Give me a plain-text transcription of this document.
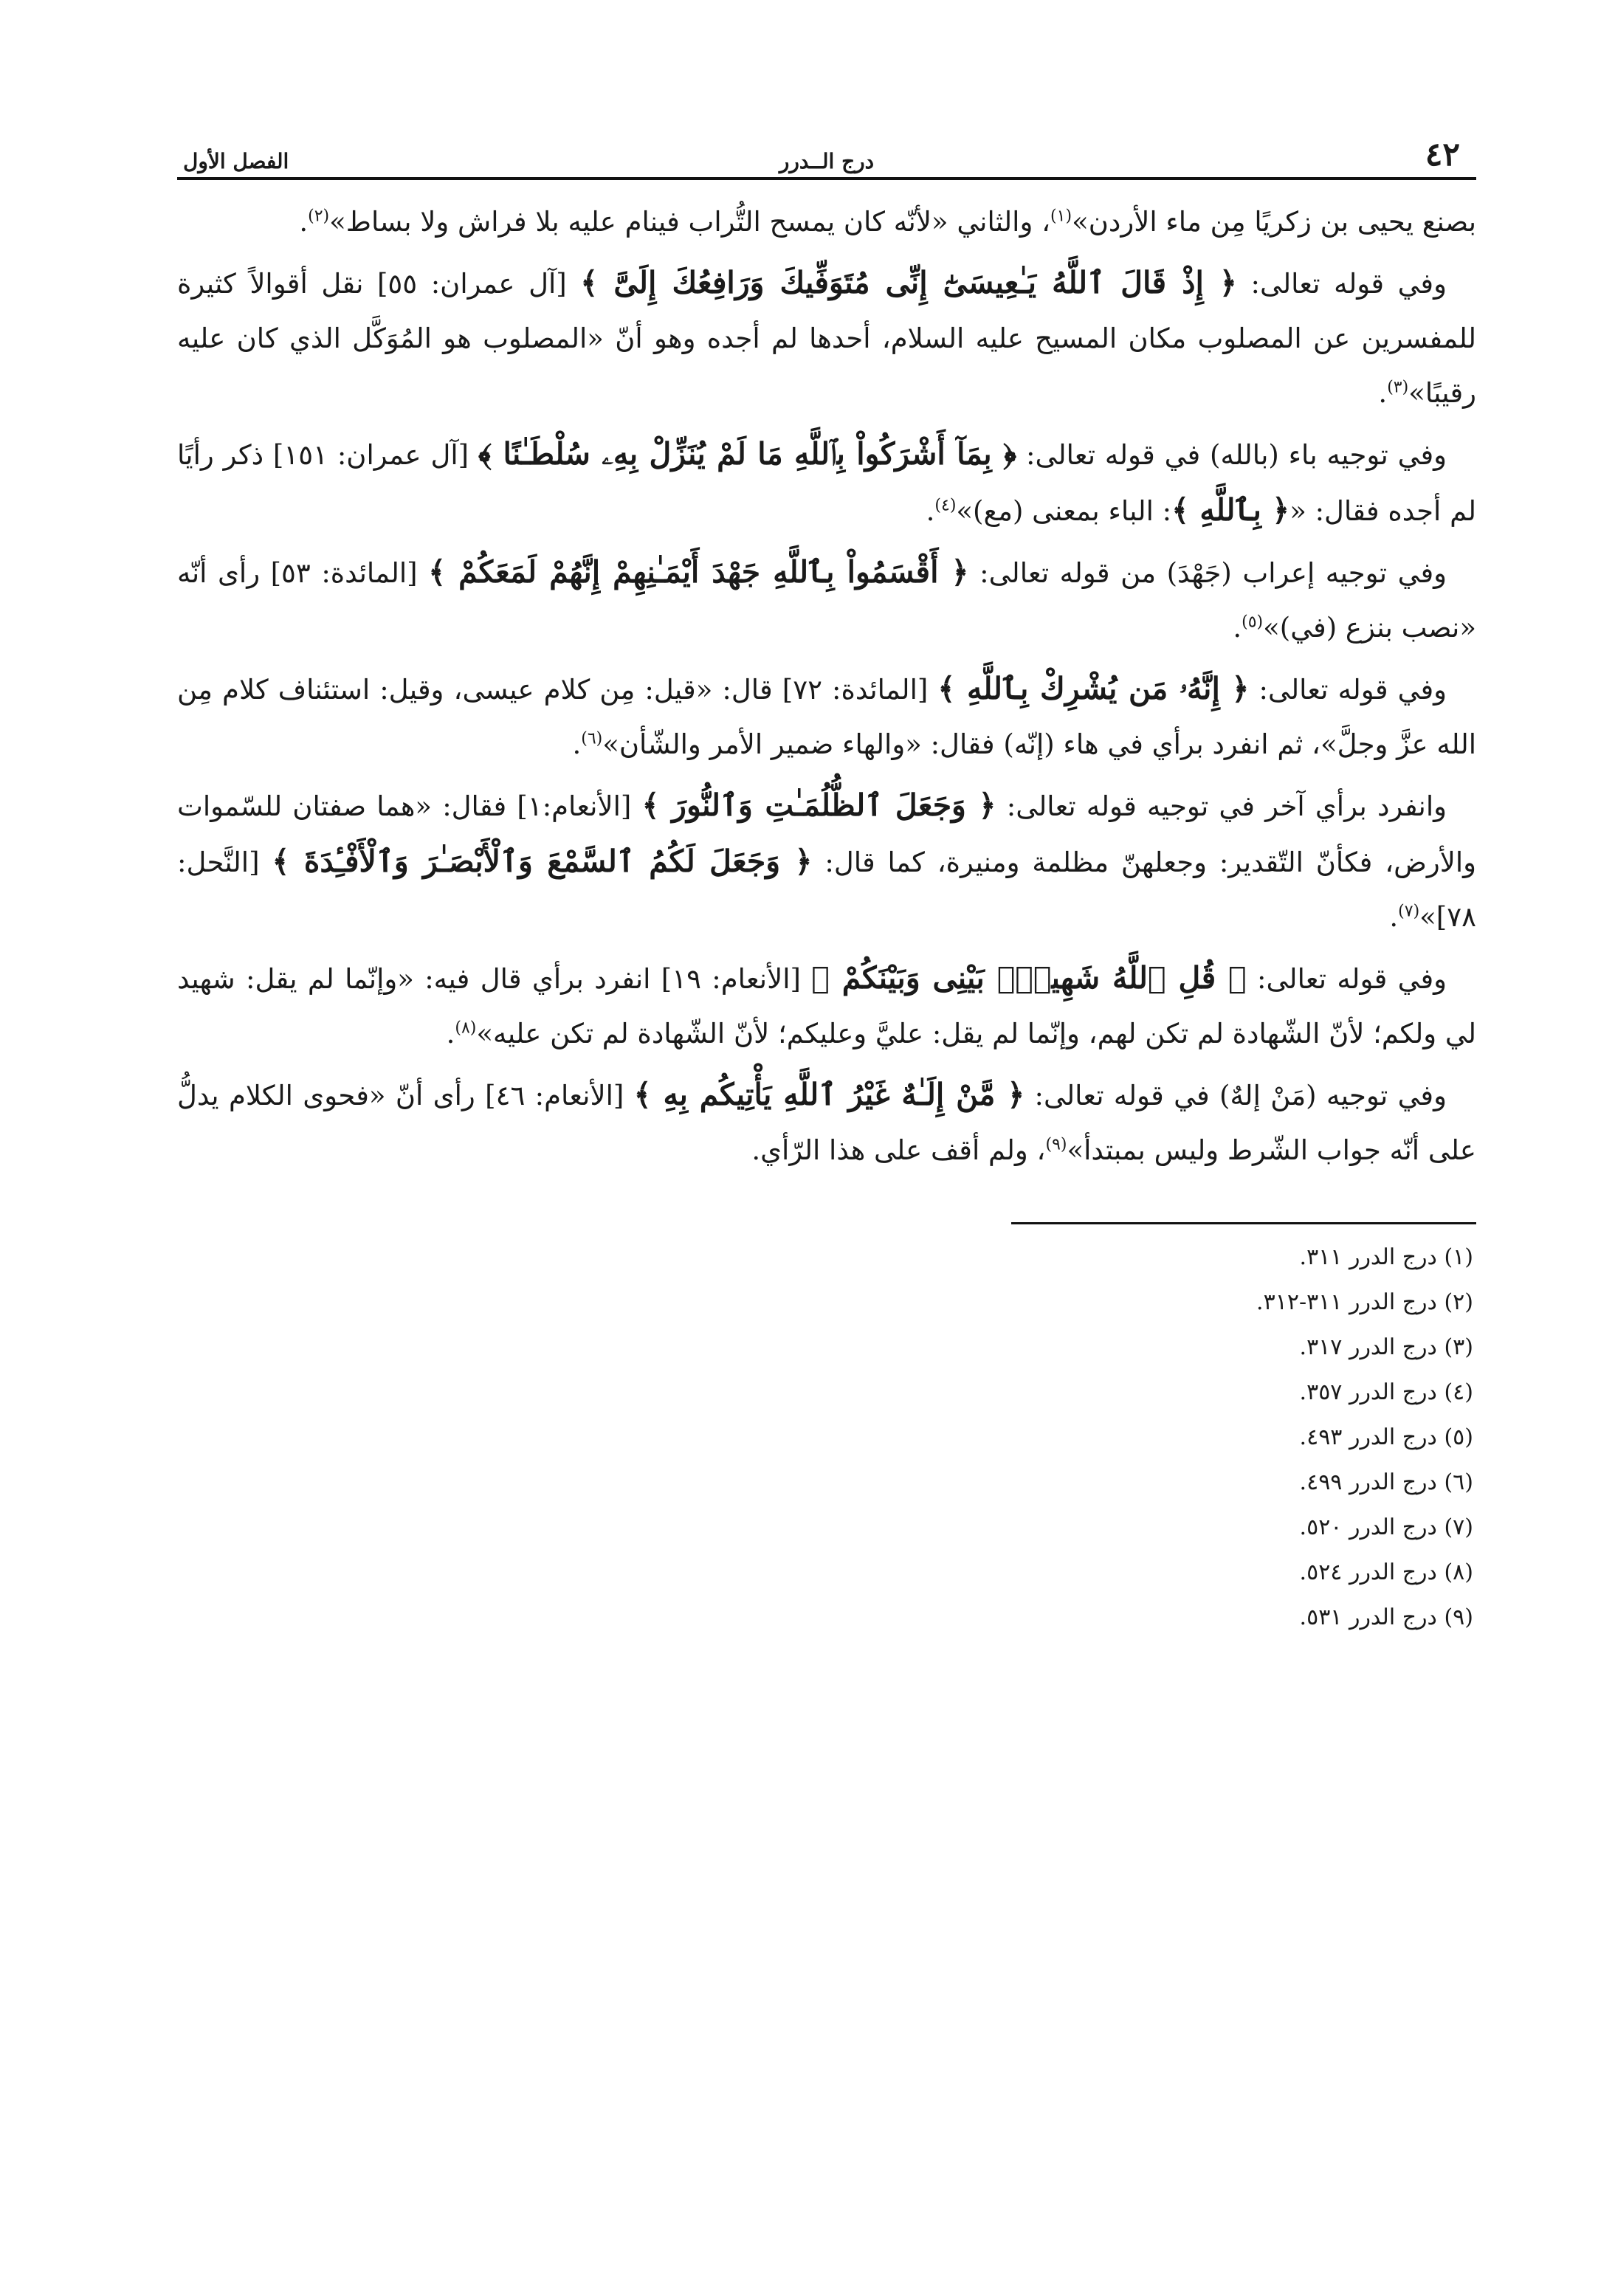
٤٢
درج الــدرر
الفصل الأول

بصنع يحيى بن زكريًا مِن ماء الأردن»$^{(١)}$، والثاني «لأنّه كان يمسح التُّراب فينام عليه بلا فراش ولا بساط»$^{(٢)}$.

وفي قوله تعالى: ﴿ إِذْ قَالَ ٱللَّهُ يَـٰعِيسَىٰٓ إِنِّى مُتَوَفِّيكَ وَرَافِعُكَ إِلَىَّ ﴾ [آل عمران: ٥٥] نقل أقوالاً كثيرة للمفسرين عن المصلوب مكان المسيح عليه السلام، أحدها لم أجده وهو أنّ «المصلوب هو المُوَكَّل الذي كان عليه رقيبًا»$^{(٣)}$.

وفي توجيه باء (بالله) في قوله تعالى: ﴿ بِمَآ أَشْرَكُواْ بِٱللَّهِ مَا لَمْ يُنَزِّلْ بِهِۦ سُلْطَـٰنًا ﴾ [آل عمران: ١٥١] ذكر رأيًا لم أجده فقال: «﴿ بِٱللَّهِ ﴾: الباء بمعنى (مع)»$^{(٤)}$.

وفي توجيه إعراب (جَهْدَ) من قوله تعالى: ﴿ أَقْسَمُواْ بِٱللَّهِ جَهْدَ أَيْمَـٰنِهِمْ إِنَّهُمْ لَمَعَكُمْ ﴾ [المائدة: ٥٣] رأى أنّه «نصب بنزع (في)»$^{(٥)}$.

وفي قوله تعالى: ﴿ إِنَّهُۥ مَن يُشْرِكْ بِٱللَّهِ ﴾ [المائدة: ٧٢] قال: «قيل: مِن كلام عيسى، وقيل: استئناف كلام مِن الله عزَّ وجلَّ»، ثم انفرد برأي في هاء (إنّه) فقال: «والهاء ضمير الأمر والشّأن»$^{(٦)}$.

وانفرد برأي آخر في توجيه قوله تعالى: ﴿ وَجَعَلَ ٱلظُّلُمَـٰتِ وَٱلنُّورَ ﴾ [الأنعام:١] فقال: «هما صفتان للسّموات والأرض، فكأنّ التّقدير: وجعلهنّ مظلمة ومنيرة، كما قال: ﴿ وَجَعَلَ لَكُمُ ٱلسَّمْعَ وَٱلْأَبْصَـٰرَ وَٱلْأَفْـِٔدَةَ ﴾ [النَّحل: ٧٨]»$^{(٧)}$.

وفي قوله تعالى: ﴿ قُلِ ٱللَّهُ شَهِيدٌۢ بَيْنِى وَبَيْنَكُمْ ﴾ [الأنعام: ١٩] انفرد برأي قال فيه: «وإنّما لم يقل: شهيد لي ولكم؛ لأنّ الشّهادة لم تكن لهم، وإنّما لم يقل: عليَّ وعليكم؛ لأنّ الشّهادة لم تكن عليه»$^{(٨)}$.

وفي توجيه (مَنْ إلهٌ) في قوله تعالى: ﴿ مَّنْ إِلَـٰهٌ غَيْرُ ٱللَّهِ يَأْتِيكُم بِهِ ﴾ [الأنعام: ٤٦] رأى أنّ «فحوى الكلام يدلُّ على أنّه جواب الشّرط وليس بمبتدأ»$^{(٩)}$، ولم أقف على هذا الرّأي.

(١) درج الدرر ٣١١.
(٢) درج الدرر ٣١١-٣١٢.
(٣) درج الدرر ٣١٧.
(٤) درج الدرر ٣٥٧.
(٥) درج الدرر ٤٩٣.
(٦) درج الدرر ٤٩٩.
(٧) درج الدرر ٥٢٠.
(٨) درج الدرر ٥٢٤.
(٩) درج الدرر ٥٣١.
